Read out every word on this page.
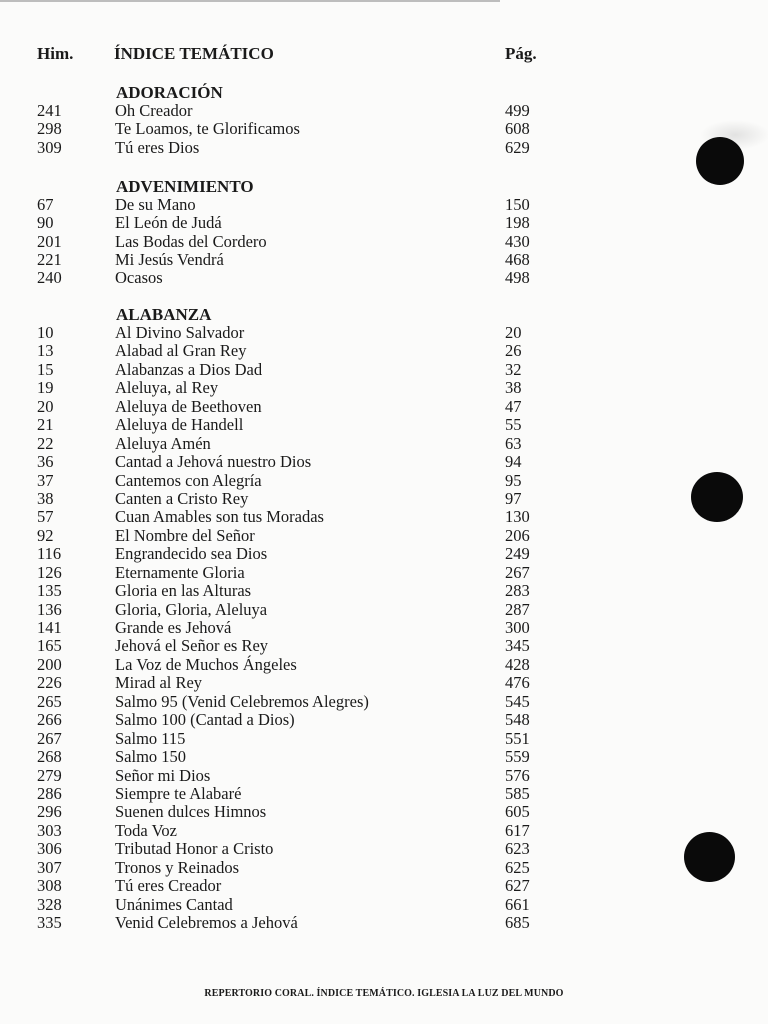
Him. ÍNDICE TEMÁTICO	Pág.
ADORACIÓN
241	Oh Creador	499
298	Te Loamos, te Glorificamos	608
309	Tú eres Dios	629
ADVENIMIENTO
67	De su Mano	150
90	El León de Judá	198
201	Las Bodas del Cordero	430
221	Mi Jesús Vendrá	468
240	Ocasos	498
ALABANZA
10	Al Divino Salvador	20
13	Alabad al Gran Rey	26
15	Alabanzas a Dios Dad	32
19	Aleluya, al Rey	38
20	Aleluya de Beethoven	47
21	Aleluya de Handell	55
22	Aleluya Amén	63
36	Cantad a Jehová nuestro Dios	94
37	Cantemos con Alegría	95
38	Canten a Cristo Rey	97
57	Cuan Amables son tus Moradas	130
92	El Nombre del Señor	206
116	Engrandecido sea Dios	249
126	Eternamente Gloria	267
135	Gloria en las Alturas	283
136	Gloria, Gloria, Aleluya	287
141	Grande es Jehová	300
165	Jehová el Señor es Rey	345
200	La Voz de Muchos Ángeles	428
226	Mirad al Rey	476
265	Salmo 95 (Venid Celebremos Alegres)	545
266	Salmo 100 (Cantad a Dios)	548
267	Salmo 115	551
268	Salmo 150	559
279	Señor mi Dios	576
286	Siempre te Alabaré	585
296	Suenen dulces Himnos	605
303	Toda Voz	617
306	Tributad Honor a Cristo	623
307	Tronos y Reinados	625
308	Tú eres Creador	627
328	Unánimes Cantad	661
335	Venid Celebremos a Jehová	685
REPERTORIO CORAL. ÍNDICE TEMÁTICO. IGLESIA LA LUZ DEL MUNDO
